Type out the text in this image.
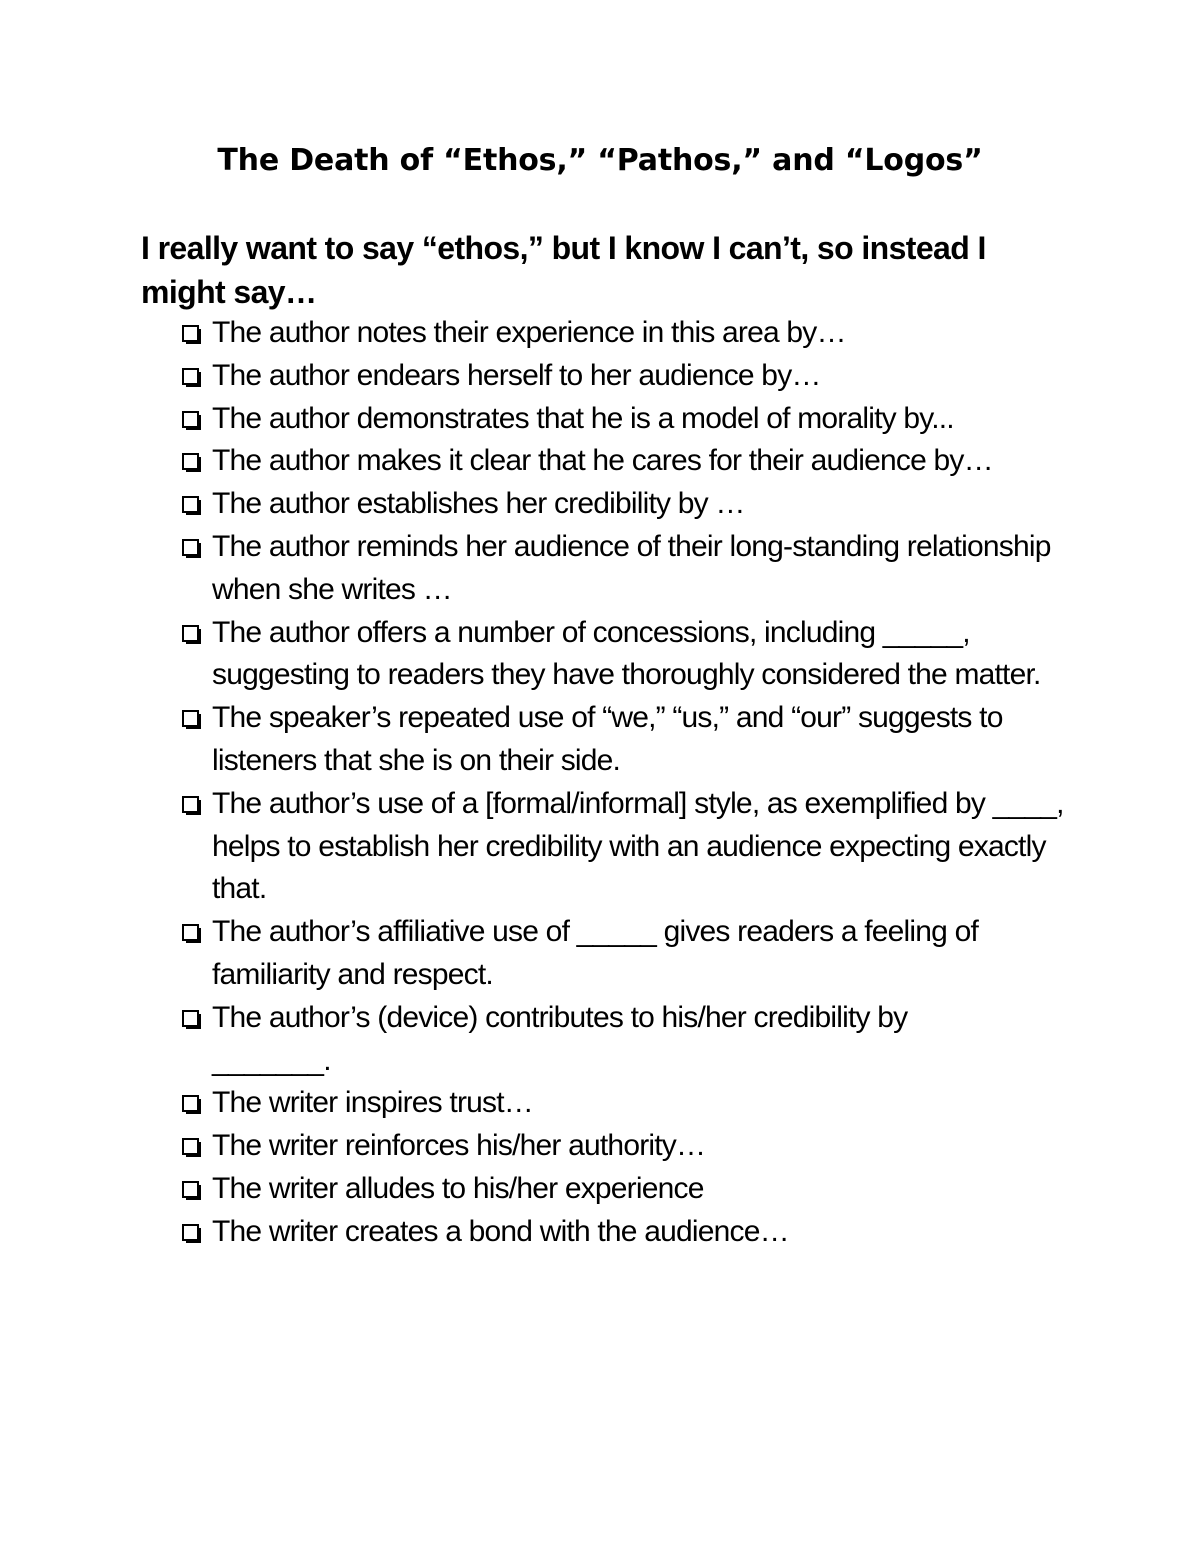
The Death of “Ethos,” “Pathos,” and “Logos”
I really want to say “ethos,” but I know I can’t, so instead I might say…
The author notes their experience in this area by…
The author endears herself to her audience by…
The author demonstrates that he is a model of morality by...
The author makes it clear that he cares for their audience by…
The author establishes her credibility by …
The author reminds her audience of their long-standing relationship when she writes …
The author offers a number of concessions, including _____, suggesting to readers they have thoroughly considered the matter.
The speaker’s repeated use of “we,” “us,” and “our” suggests to listeners that she is on their side.
The author’s use of a [formal/informal] style, as exemplified by ____, helps to establish her credibility with an audience expecting exactly that.
The author’s affiliative use of _____ gives readers a feeling of familiarity and respect.
The author’s (device) contributes to his/her credibility by
_______.
The writer inspires trust…
The writer reinforces his/her authority…
The writer alludes to his/her experience
The writer creates a bond with the audience…
